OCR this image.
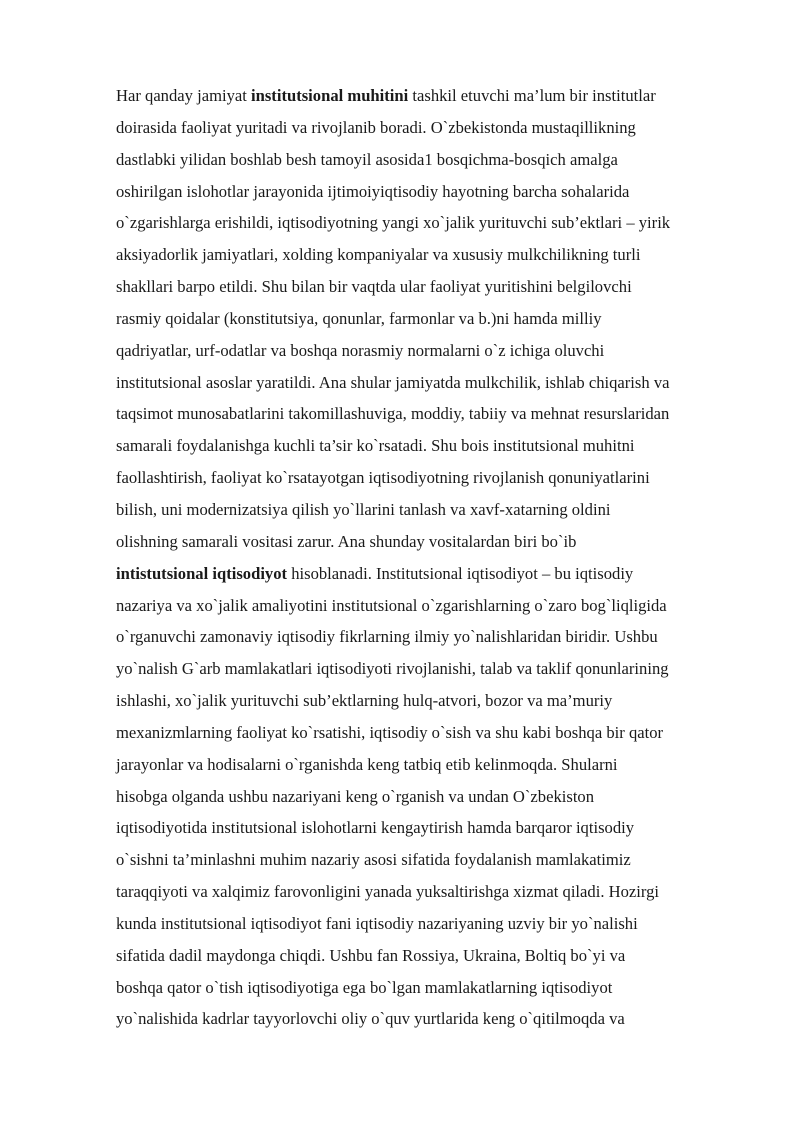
Har qanday jamiyat institutsional muhitini tashkil etuvchi ma’lum bir institutlar
doirasida faoliyat yuritadi va rivojlanib boradi. O`zbekistonda mustaqillikning
dastlabki yilidan boshlab besh tamoyil asosida1 bosqichma-bosqich amalga
oshirilgan islohotlar jarayonida ijtimoiyiqtisodiy hayotning barcha sohalarida
o`zgarishlarga erishildi, iqtisodiyotning yangi xo`jalik yurituvchi sub’ektlari – yirik
aksiyadorlik jamiyatlari, xolding kompaniyalar va xususiy mulkchilikning turli
shakllari barpo etildi. Shu bilan bir vaqtda ular faoliyat yuritishini belgilovchi
rasmiy qoidalar (konstitutsiya, qonunlar, farmonlar va b.)ni hamda milliy
qadriyatlar, urf-odatlar va boshqa norasmiy normalarni o`z ichiga oluvchi
institutsional asoslar yaratildi. Ana shular jamiyatda mulkchilik, ishlab chiqarish va
taqsimot munosabatlarini takomillashuviga, moddiy, tabiiy va mehnat resurslaridan
samarali foydalanishga kuchli ta’sir ko`rsatadi. Shu bois institutsional muhitni
faollashtirish, faoliyat ko`rsatayotgan iqtisodiyotning rivojlanish qonuniyatlarini
bilish, uni modernizatsiya qilish yo`llarini tanlash va xavf-xatarning oldini
olishning samarali vositasi zarur. Ana shunday vositalardan biri bo`ib
intistutsional iqtisodiyot hisoblanadi. Institutsional iqtisodiyot – bu iqtisodiy
nazariya va xo`jalik amaliyotini institutsional o`zgarishlarning o`zaro bog`liqligida
o`rganuvchi zamonaviy iqtisodiy fikrlarning ilmiy yo`nalishlaridan biridir. Ushbu
yo`nalish G`arb mamlakatlari iqtisodiyoti rivojlanishi, talab va taklif qonunlarining
ishlashi, xo`jalik yurituvchi sub’ektlarning hulq-atvori, bozor va ma’muriy
mexanizmlarning faoliyat ko`rsatishi, iqtisodiy o`sish va shu kabi boshqa bir qator
jarayonlar va hodisalarni o`rganishda keng tatbiq etib kelinmoqda. Shularni
hisobga olganda ushbu nazariyani keng o`rganish va undan O`zbekiston
iqtisodiyotida institutsional islohotlarni kengaytirish hamda barqaror iqtisodiy
o`sishni ta’minlashni muhim nazariy asosi sifatida foydalanish mamlakatimiz
taraqqiyoti va xalqimiz farovonligini yanada yuksaltirishga xizmat qiladi. Hozirgi
kunda institutsional iqtisodiyot fani iqtisodiy nazariyaning uzviy bir yo`nalishi
sifatida dadil maydonga chiqdi. Ushbu fan Rossiya, Ukraina, Boltiq bo`yi va
boshqa qator o`tish iqtisodiyotiga ega bo`lgan mamlakatlarning iqtisodiyot
yo`nalishida kadrlar tayyorlovchi oliy o`quv yurtlarida keng o`qitilmoqda va
